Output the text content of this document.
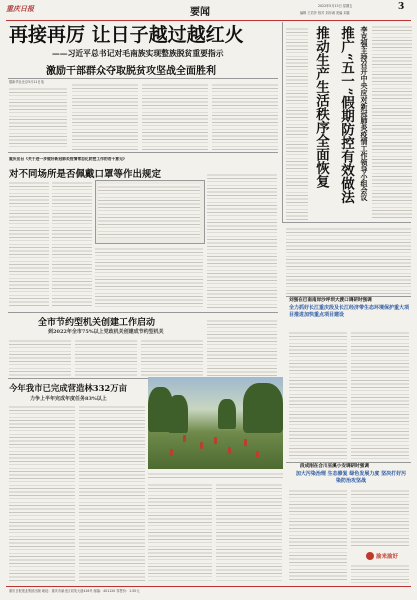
重庆日报	要闻
2022年5月13日 星期五	3
编辑 王若莎 校对 刘亦诚 美编 刘嘉
再接再厉 让日子越过越红火
——习近平总书记对毛南族实现整族脱贫重要指示
激励干部群众夺取脱贫攻坚战全面胜利
据新华社北京5月11日电	李克强主持召开中央应对新冠肺炎疫情工作领导小组会议
推广“五一”假期防控有效做法
推动生产生活秩序全面恢复
重庆出台《关于进一步做好新冠肺炎疫情常态化防控工作的若干意见》
对不同场所是否佩戴口罩等作出规定
全市节约型机关创建工作启动
到2022年全市75%以上党政机关创建成节约型机关
今年我市已完成营造林332万亩
力争上半年完成年度任务83%以上
刘强在巴南南岸沙坪坝大渡口调研时强调
全力抓好长江重庆段及长江经济带生态环境保护重大项目推进加快重点项目建设
段成刚在合川巫溪小安调研时强调
加大污染治理 生态修复 绿色发展力度 坚决打好污染防治攻坚战
渝来渝好
重庆日报报业集团出版 地址：重庆市渝北区同茂大道416号 邮编：401120 零售价：1.50元
